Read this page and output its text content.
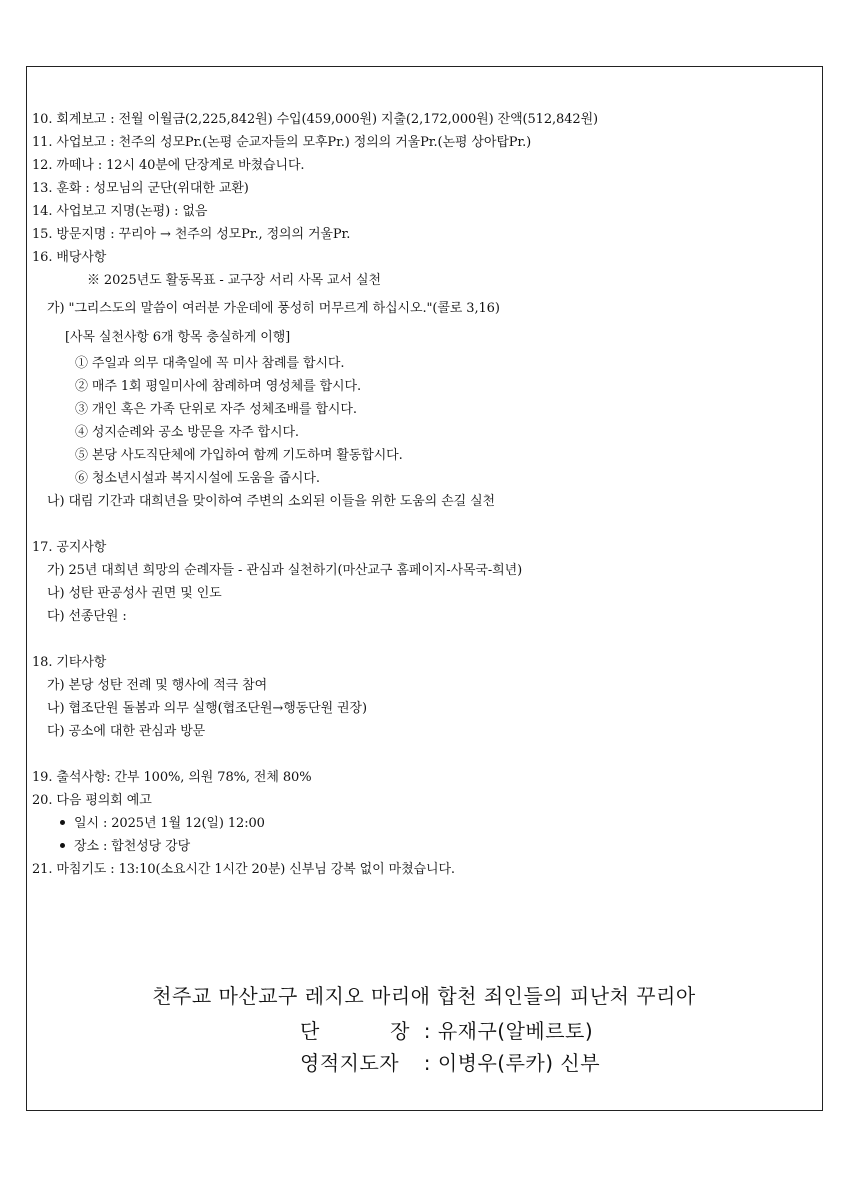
10. 회계보고 : 전월 이월금(2,225,842원) 수입(459,000원) 지출(2,172,000원) 잔액(512,842원)
11. 사업보고 : 천주의 성모Pr.(논평 순교자들의 모후Pr.) 정의의 거울Pr.(논평 상아탑Pr.)
12. 까떼나 : 12시 40분에 단장계로 바쳤습니다.
13. 훈화 : 성모님의 군단(위대한 교환)
14. 사업보고 지명(논평) : 없음
15. 방문지명 : 꾸리아 → 천주의 성모Pr., 정의의 거울Pr.
16. 배당사항
※ 2025년도 활동목표 - 교구장 서리 사목 교서 실천
가) "그리스도의 말씀이 여러분 가운데에 풍성히 머무르게 하십시오."(콜로 3,16)
[사목 실천사항 6개 항목 충실하게 이행]
① 주일과 의무 대축일에 꼭 미사 참례를 합시다.
② 매주 1회 평일미사에 참례하며 영성체를 합시다.
③ 개인 혹은 가족 단위로 자주 성체조배를 합시다.
④ 성지순례와 공소 방문을 자주 합시다.
⑤ 본당 사도직단체에 가입하여 함께 기도하며 활동합시다.
⑥ 청소년시설과 복지시설에 도움을 줍시다.
나) 대림 기간과 대희년을 맞이하여 주변의 소외된 이들을 위한 도움의 손길 실천
17. 공지사항
가) 25년 대희년 희망의 순례자들 - 관심과 실천하기(마산교구 홈페이지-사목국-희년)
나) 성탄 판공성사 권면 및 인도
다) 선종단원 :
18. 기타사항
가) 본당 성탄 전례 및 행사에 적극 참여
나) 협조단원 돌봄과 의무 실행(협조단원→행동단원 권장)
다) 공소에 대한 관심과 방문
19. 출석사항: 간부 100%, 의원 78%, 전체 80%
20. 다음 평의회 예고
일시 : 2025년 1월 12(일) 12:00
장소 : 합천성당 강당
21. 마침기도 : 13:10(소요시간 1시간 20분) 신부님 강복 없이 마쳤습니다.
천주교 마산교구 레지오 마리애 합천 죄인들의 피난처 꾸리아
단	장 : 유재구(알베르토)
영적지도자 : 이병우(루카) 신부
